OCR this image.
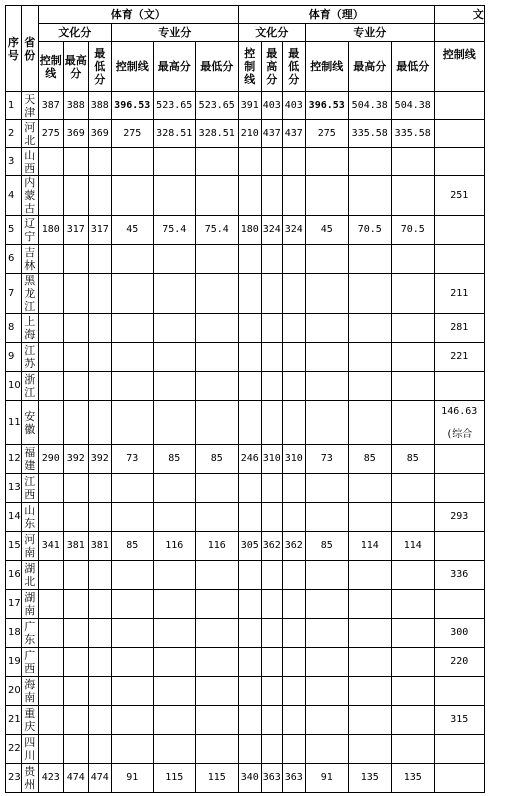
序号	省份	体育（文）						体育（理）						文
		文化分			专业分			文化分			专业分			
		控制线	最高分	最低分	控制线	最高分	最低分	控制线	最高分	最低分	控制线	最高分	最低分	控制线
1	天津	387	388	388	396.53	523.65	523.65	391	403	403	396.53	504.38	504.38	
2	河北	275	369	369	275	328.51	328.51	210	437	437	275	335.58	335.58	
3	山西													
4	内蒙古													251
5	辽宁	180	317	317	45	75.4	75.4	180	324	324	45	70.5	70.5	
6	吉林													
7	黑龙江													211
8	上海													281
9	江苏													221
10	浙江													
11	安徽													146.63
(综合

12	福建	290	392	392	73	85	85	246	310	310	73	85	85	
13	江西													
14	山东													293
15	河南	341	381	381	85	116	116	305	362	362	85	114	114	
16	湖北													336
17	湖南													
18	广东													300
19	广西													220
20	海南													
21	重庆													315
22	四川													
23	贵州	423	474	474	91	115	115	340	363	363	91	135	135	
